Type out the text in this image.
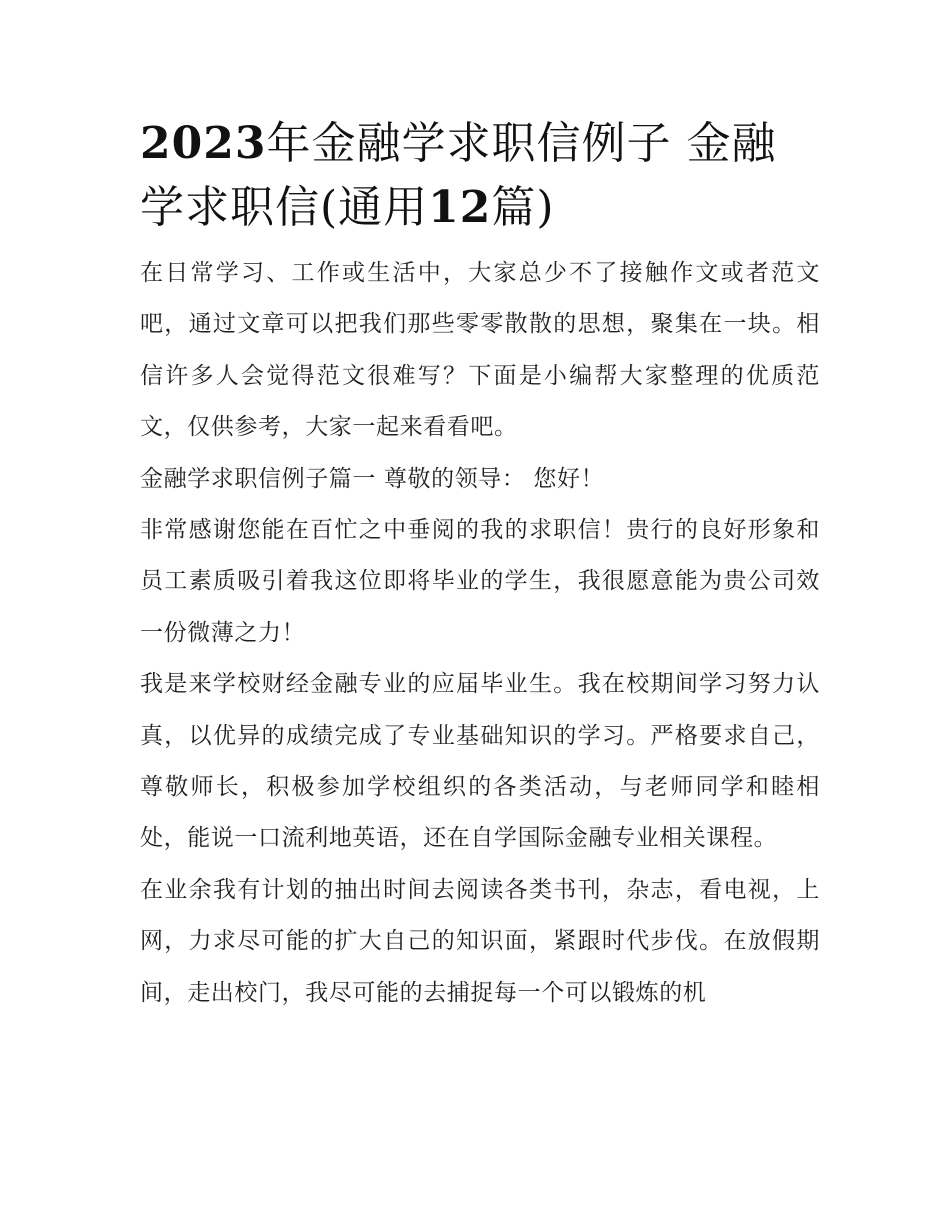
2023年金融学求职信例子 金融学求职信(通用12篇)

在日常学习、工作或生活中，大家总少不了接触作文或者范文吧，通过文章可以把我们那些零零散散的思想，聚集在一块。相信许多人会觉得范文很难写？下面是小编帮大家整理的优质范文，仅供参考，大家一起来看看吧。

金融学求职信例子篇一 尊敬的领导： 您好！

非常感谢您能在百忙之中垂阅的我的求职信！贵行的良好形象和员工素质吸引着我这位即将毕业的学生，我很愿意能为贵公司效一份微薄之力！

我是来学校财经金融专业的应届毕业生。我在校期间学习努力认真，以优异的成绩完成了专业基础知识的学习。严格要求自己，尊敬师长，积极参加学校组织的各类活动，与老师同学和睦相处，能说一口流利地英语，还在自学国际金融专业相关课程。

在业余我有计划的抽出时间去阅读各类书刊，杂志，看电视，上网，力求尽可能的扩大自己的知识面，紧跟时代步伐。在放假期间，走出校门，我尽可能的去捕捉每一个可以锻炼的机
